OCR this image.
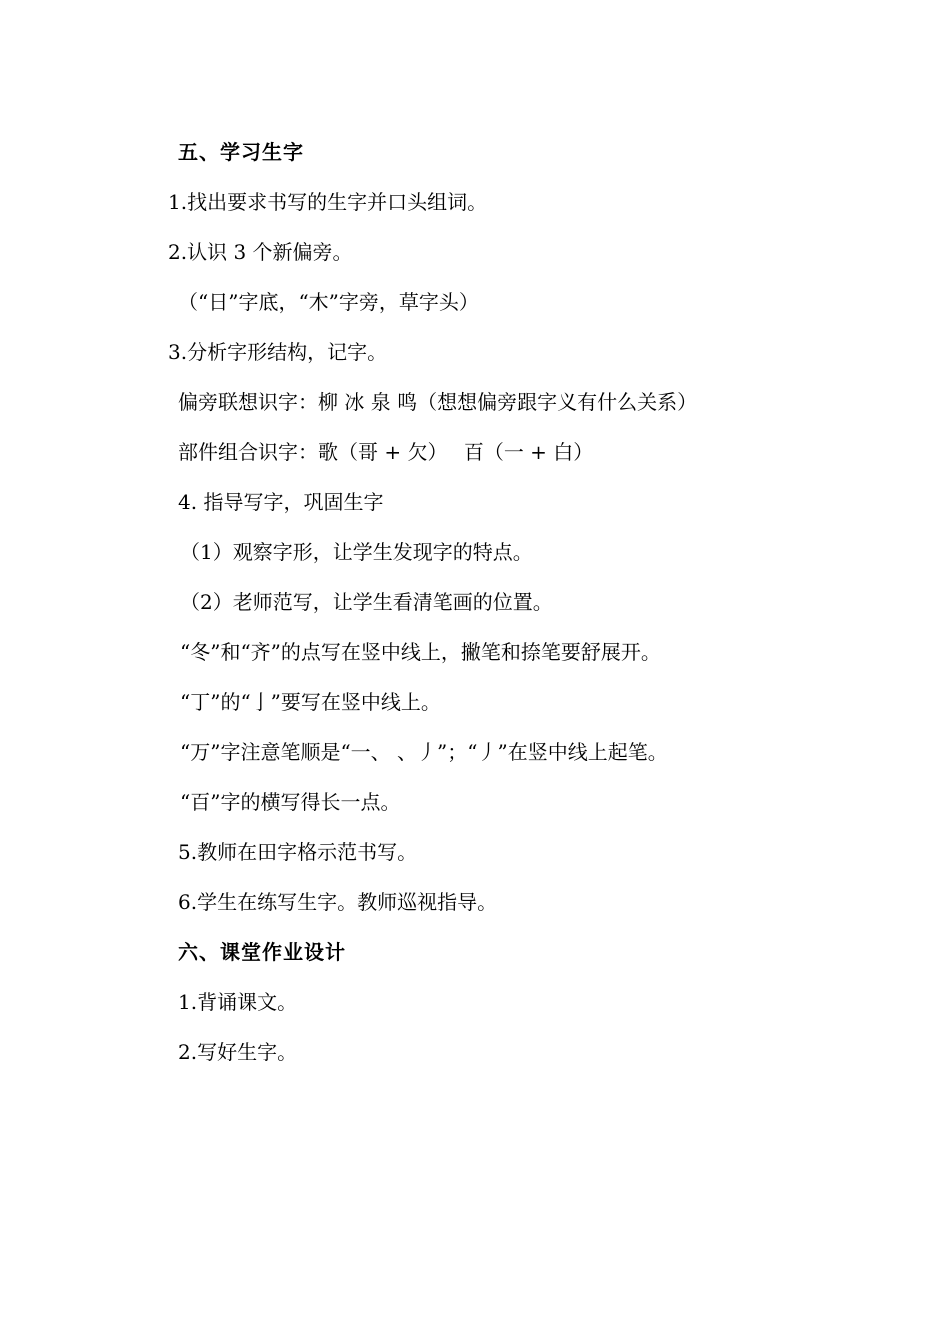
五、学习生字
1.找出要求书写的生字并口头组词。
2.认识 3 个新偏旁。
（“日”字底，“木”字旁，草字头）
3.分析字形结构，记字。
偏旁联想识字：柳 冰 泉 鸣（想想偏旁跟字义有什么关系）
部件组合识字：歌（哥 + 欠）　 百（一 + 白）
4. 指导写字，巩固生字
（1）观察字形，让学生发现字的特点。
（2）老师范写，让学生看清笔画的位置。
“冬”和“齐”的点写在竖中线上，撇笔和捺笔要舒展开。
“丁”的“亅”要写在竖中线上。
“万”字注意笔顺是“一、 、丿”；“丿”在竖中线上起笔。
“百”字的横写得长一点。
5.教师在田字格示范书写。
6.学生在练写生字。教师巡视指导。
六、课堂作业设计
1.背诵课文。
2.写好生字。
